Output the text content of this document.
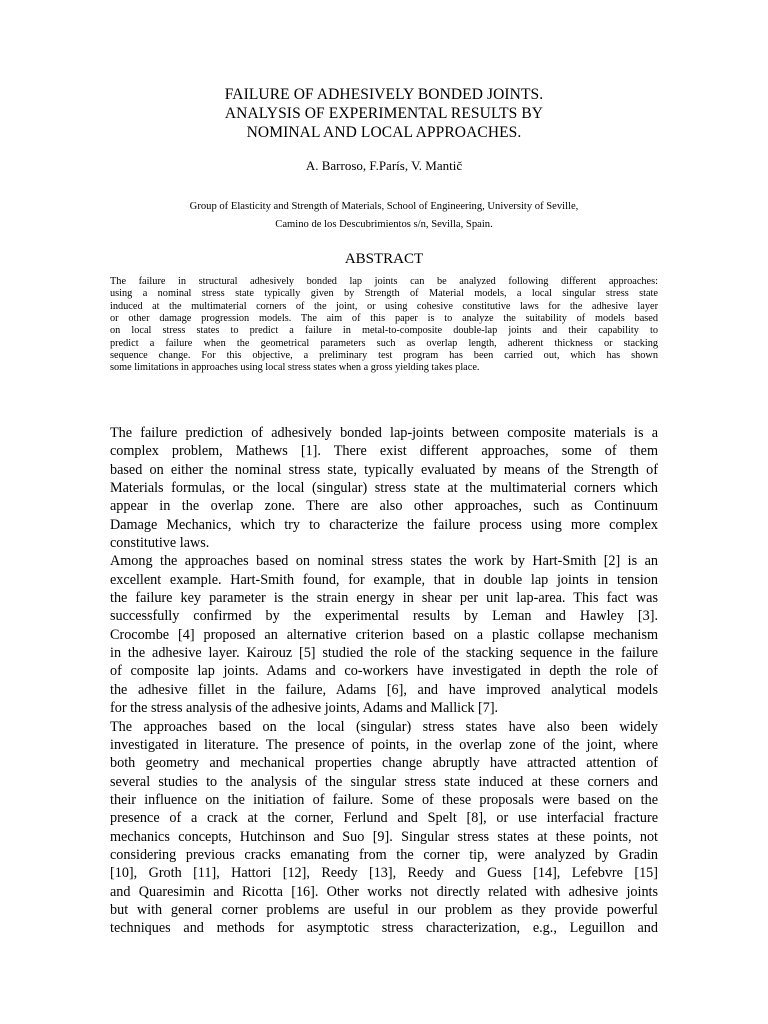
FAILURE OF ADHESIVELY BONDED JOINTS.
ANALYSIS OF EXPERIMENTAL RESULTS BY
NOMINAL AND LOCAL APPROACHES.
A. Barroso, F.París, V. Mantič
Group of Elasticity and Strength of Materials, School of Engineering, University of Seville,
Camino de los Descubrimientos s/n, Sevilla, Spain.
ABSTRACT
The failure in structural adhesively bonded lap joints can be analyzed following different approaches:
using a nominal stress state typically given by Strength of Material models, a local singular stress state
induced at the multimaterial corners of the joint, or using cohesive constitutive laws for the adhesive layer
or other damage progression models. The aim of this paper is to analyze the suitability of models based
on local stress states to predict a failure in metal-to-composite double-lap joints and their capability to
predict a failure when the geometrical parameters such as overlap length, adherent thickness or stacking
sequence change. For this objective, a preliminary test program has been carried out, which has shown
some limitations in approaches using local stress states when a gross yielding takes place.
The failure prediction of adhesively bonded lap-joints between composite materials is a
complex problem, Mathews [1]. There exist different approaches, some of them
based on either the nominal stress state, typically evaluated by means of the Strength of
Materials formulas, or the local (singular) stress state at the multimaterial corners which
appear in the overlap zone. There are also other approaches, such as Continuum
Damage Mechanics, which try to characterize the failure process using more complex
constitutive laws.
Among the approaches based on nominal stress states the work by Hart-Smith [2] is an
excellent example. Hart-Smith found, for example, that in double lap joints in tension
the failure key parameter is the strain energy in shear per unit lap-area. This fact was
successfully confirmed by the experimental results by Leman and Hawley [3].
Crocombe [4] proposed an alternative criterion based on a plastic collapse mechanism
in the adhesive layer. Kairouz [5] studied the role of the stacking sequence in the failure
of composite lap joints. Adams and co-workers have investigated in depth the role of
the adhesive fillet in the failure, Adams [6], and have improved analytical models
for the stress analysis of the adhesive joints, Adams and Mallick [7].
The approaches based on the local (singular) stress states have also been widely
investigated in literature. The presence of points, in the overlap zone of the joint, where
both geometry and mechanical properties change abruptly have attracted attention of
several studies to the analysis of the singular stress state induced at these corners and
their influence on the initiation of failure. Some of these proposals were based on the
presence of a crack at the corner, Ferlund and Spelt [8], or use interfacial fracture
mechanics concepts, Hutchinson and Suo [9]. Singular stress states at these points, not
considering previous cracks emanating from the corner tip, were analyzed by Gradin
[10], Groth [11], Hattori [12], Reedy [13], Reedy and Guess [14], Lefebvre [15]
and Quaresimin and Ricotta [16]. Other works not directly related with adhesive joints
but with general corner problems are useful in our problem as they provide powerful
techniques and methods for asymptotic stress characterization, e.g., Leguillon and
